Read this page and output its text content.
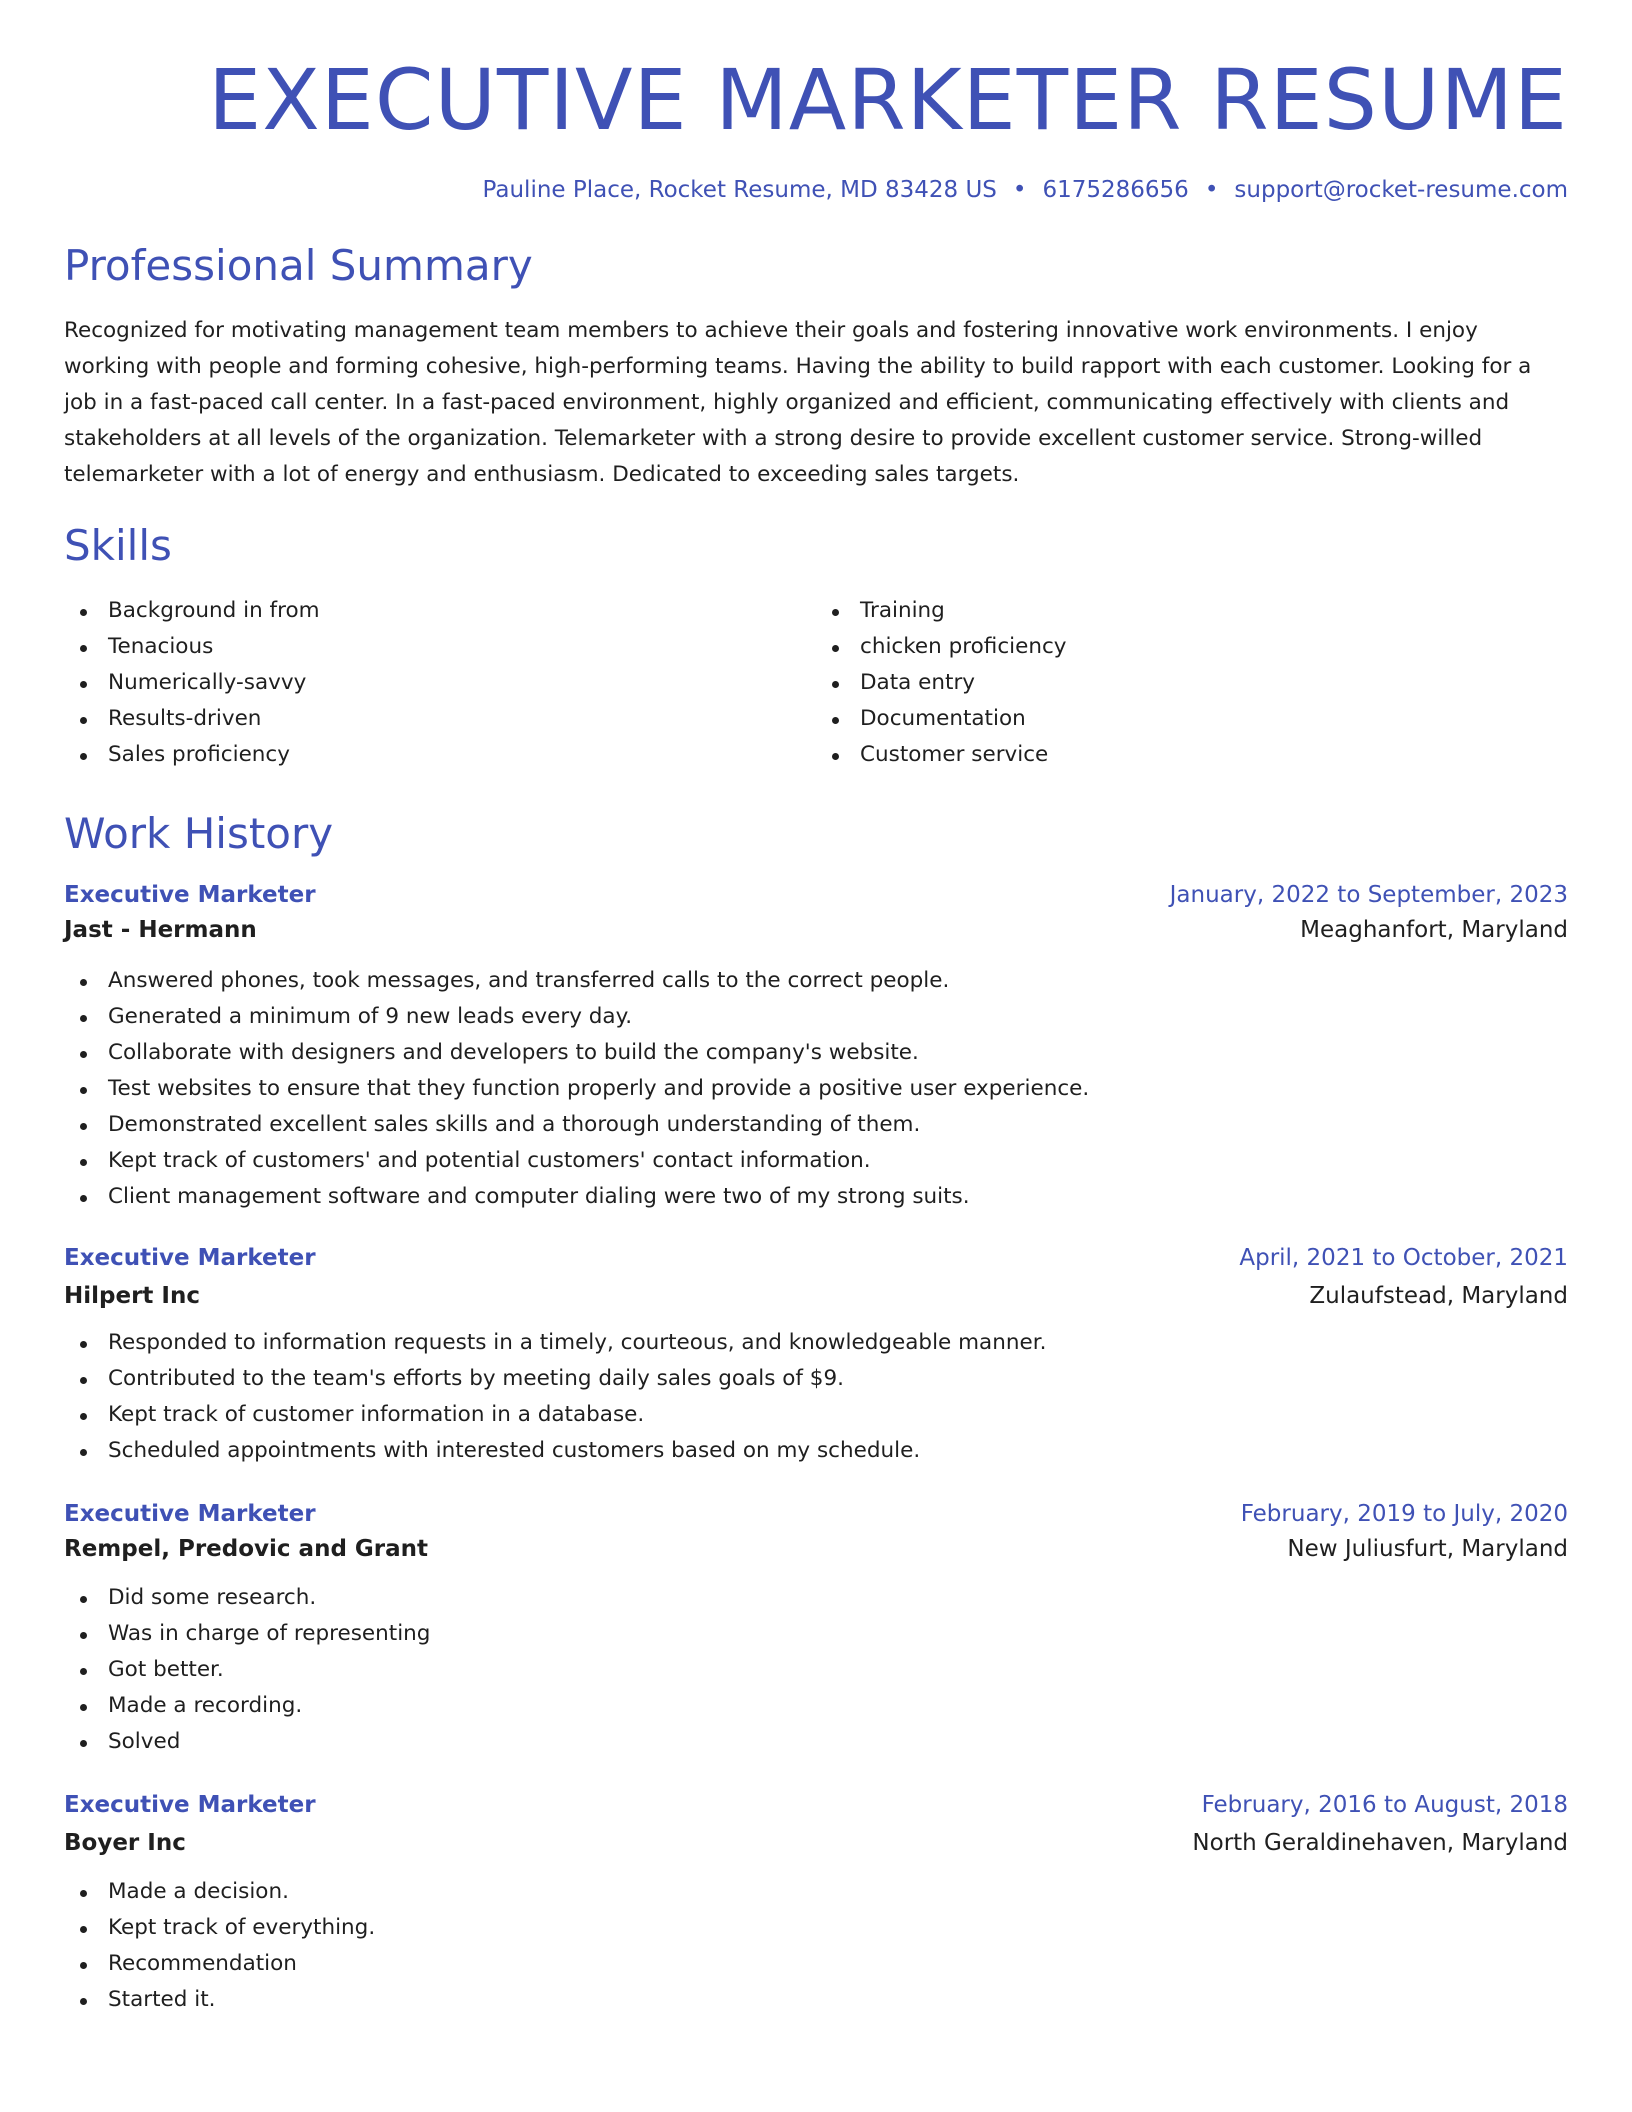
EXECUTIVE MARKETER RESUME
Pauline Place, Rocket Resume, MD 83428 US • 6175286656 • support@rocket-resume.com
Professional Summary

Recognized for motivating management team members to achieve their goals and fostering innovative work environments. I enjoy working with people and forming cohesive, high-performing teams. Having the ability to build rapport with each customer. Looking for a job in a fast-paced call center. In a fast-paced environment, highly organized and efficient, communicating effectively with clients and stakeholders at all levels of the organization. Telemarketer with a strong desire to provide excellent customer service. Strong-willed telemarketer with a lot of energy and enthusiasm. Dedicated to exceeding sales targets.

Skills
Background in from
Tenacious
Numerically-savvy
Results-driven
Sales proficiency
Training
chicken proficiency
Data entry
Documentation
Customer service
Work History
Executive Marketer	January, 2022 to September, 2023
Jast - Hermann	Meaghanfort, Maryland
Answered phones, took messages, and transferred calls to the correct people.
Generated a minimum of 9 new leads every day.
Collaborate with designers and developers to build the company's website.
Test websites to ensure that they function properly and provide a positive user experience.
Demonstrated excellent sales skills and a thorough understanding of them.
Kept track of customers' and potential customers' contact information.
Client management software and computer dialing were two of my strong suits.
Executive Marketer	April, 2021 to October, 2021
Hilpert Inc	Zulaufstead, Maryland
Responded to information requests in a timely, courteous, and knowledgeable manner.
Contributed to the team's efforts by meeting daily sales goals of $9.
Kept track of customer information in a database.
Scheduled appointments with interested customers based on my schedule.
Executive Marketer	February, 2019 to July, 2020
Rempel, Predovic and Grant	New Juliusfurt, Maryland
Did some research.
Was in charge of representing
Got better.
Made a recording.
Solved
Executive Marketer	February, 2016 to August, 2018
Boyer Inc	North Geraldinehaven, Maryland
Made a decision.
Kept track of everything.
Recommendation
Started it.
